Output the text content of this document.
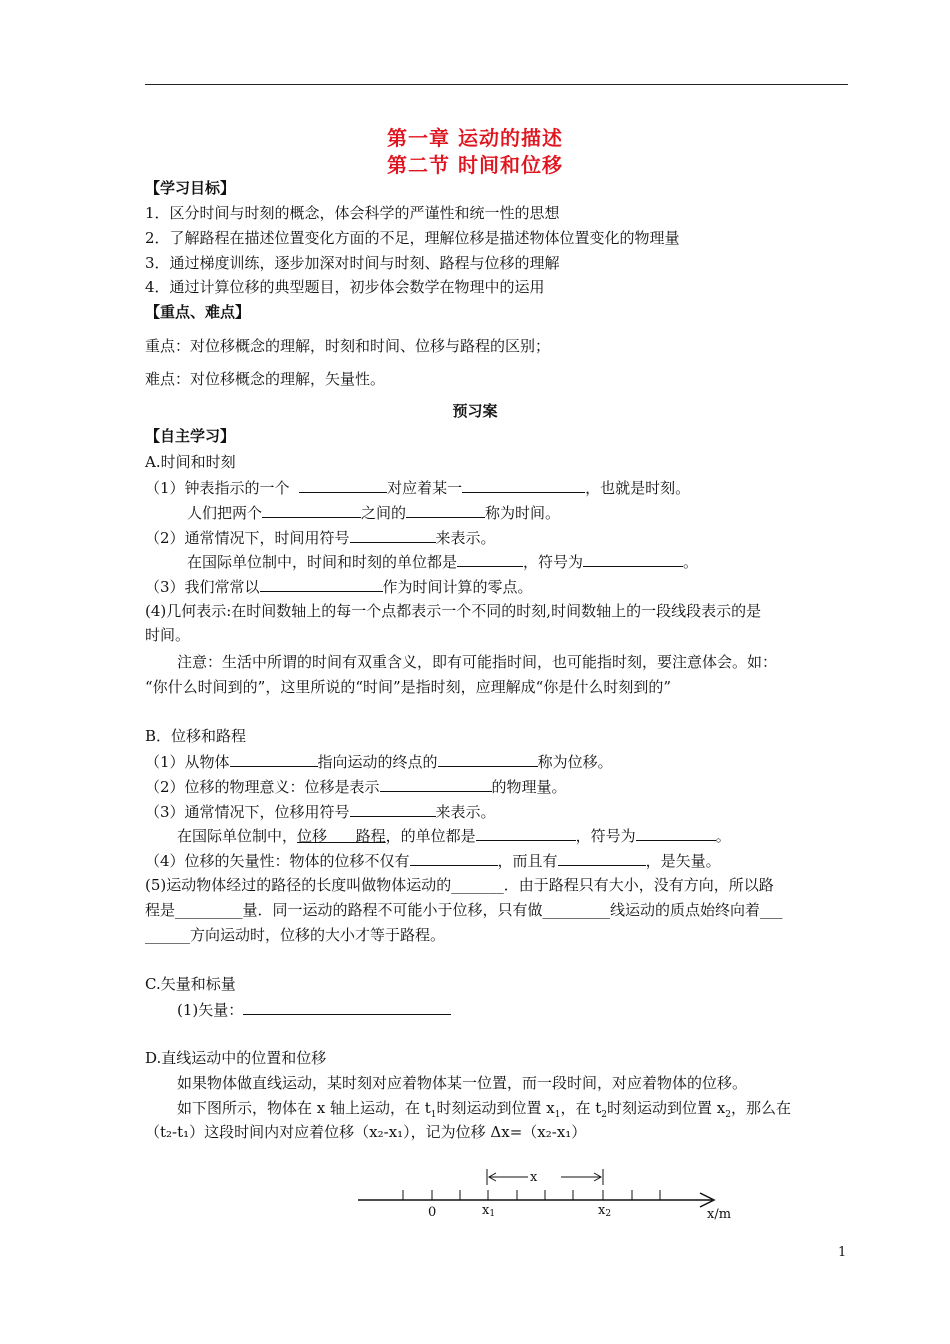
第一章 运动的描述
第二节 时间和位移
【学习目标】
1．区分时间与时刻的概念，体会科学的严谨性和统一性的思想
2．了解路程在描述位置变化方面的不足，理解位移是描述物体位置变化的物理量
3．通过梯度训练，逐步加深对时间与时刻、路程与位移的理解
4．通过计算位移的典型题目，初步体会数学在物理中的运用
【重点、难点】
重点：对位移概念的理解，时刻和时间、位移与路程的区别；
难点：对位移概念的理解，矢量性。
预习案
【自主学习】
A.时间和时刻
（1）钟表指示的一个	对应着某一	，也就是时刻。
人们把两个	之间的	称为时间。
（2）通常情况下，时间用符号	来表示。
在国际单位制中，时间和时刻的单位都是	，符号为	。
（3）我们常常以	作为时间计算的零点。
(4)几何表示:在时间数轴上的每一个点都表示一个不同的时刻,时间数轴上的一段线段表示的是
时间。
注意：生活中所谓的时间有双重含义，即有可能指时间，也可能指时刻，要注意体会。如：
“你什么时间到的”，这里所说的“时间”是指时刻，应理解成“你是什么时刻到的”
B．位移和路程
（1）从物体	指向运动的终点的	称为位移。
（2）位移的物理意义：位移是表示	的物理量。
（3）通常情况下，位移用符号	来表示。
在国际单位制中，位移 路程，的单位都是	，符号为	。
（4）位移的矢量性：物体的位移不仅有	，而且有	，是矢量。
(5)运动物体经过的路径的长度叫做物体运动的_______．由于路程只有大小，没有方向，所以路
程是_________量．同一运动的路程不可能小于位移，只有做_________线运动的质点始终向着___
______方向运动时，位移的大小才等于路程。
C.矢量和标量
(1)矢量：
D.直线运动中的位置和位移
如果物体做直线运动，某时刻对应着物体某一位置，而一段时间，对应着物体的位移。
如下图所示，物体在 x 轴上运动，在 $t_1$时刻运动到位置 $x_1$，在 $t_2$时刻运动到位置 $x_2$，那么在
（t₂-t₁）这段时间内对应着位移（x₂-x₁），记为位移 Δx=（x₂-x₁）
x
0	x1	x2	x/m
1
